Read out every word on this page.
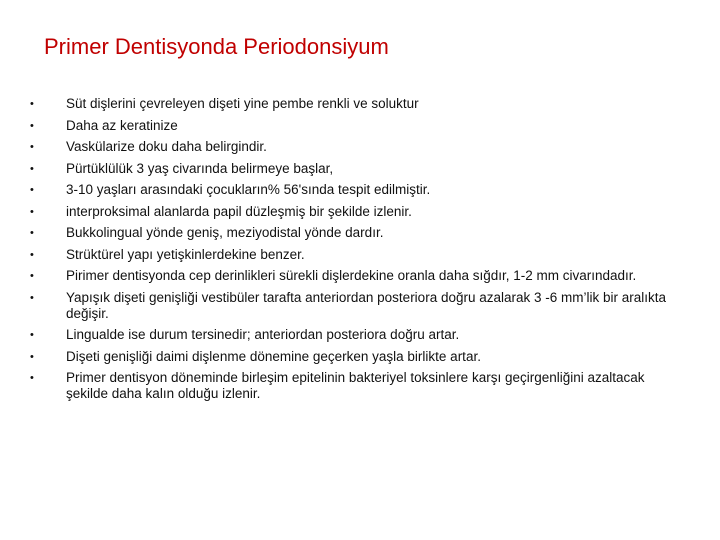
Primer Dentisyonda Periodonsiyum
•	Süt dişlerini çevreleyen dişeti yine pembe renkli ve soluktur
•	Daha az keratinize
•	Vaskülarize doku daha belirgindir.
•	Pürtüklülük 3 yaş civarında belirmeye başlar,
•	3-10 yaşları arasındaki çocukların% 56'sında tespit edilmiştir.
•	interproksimal alanlarda papil düzleşmiş bir şekilde izlenir.
•	Bukkolingual yönde geniş, meziyodistal yönde dardır.
•	Strüktürel yapı yetişkinlerdekine benzer.
•	Pirimer dentisyonda cep derinlikleri sürekli dişlerdekine oranla daha sığdır, 1-2 mm civarındadır.
•	Yapışık dişeti genişliği vestibüler tarafta anteriordan posteriora doğru azalarak 3 -6 mm’lik bir aralıkta değişir.
•	Lingualde ise durum tersinedir; anteriordan posteriora doğru artar.
•	Dişeti genişliği daimi dişlenme dönemine geçerken yaşla birlikte artar.
•	Primer dentisyon döneminde birleşim epitelinin bakteriyel toksinlere karşı geçirgenliğini azaltacak şekilde daha kalın olduğu izlenir.
